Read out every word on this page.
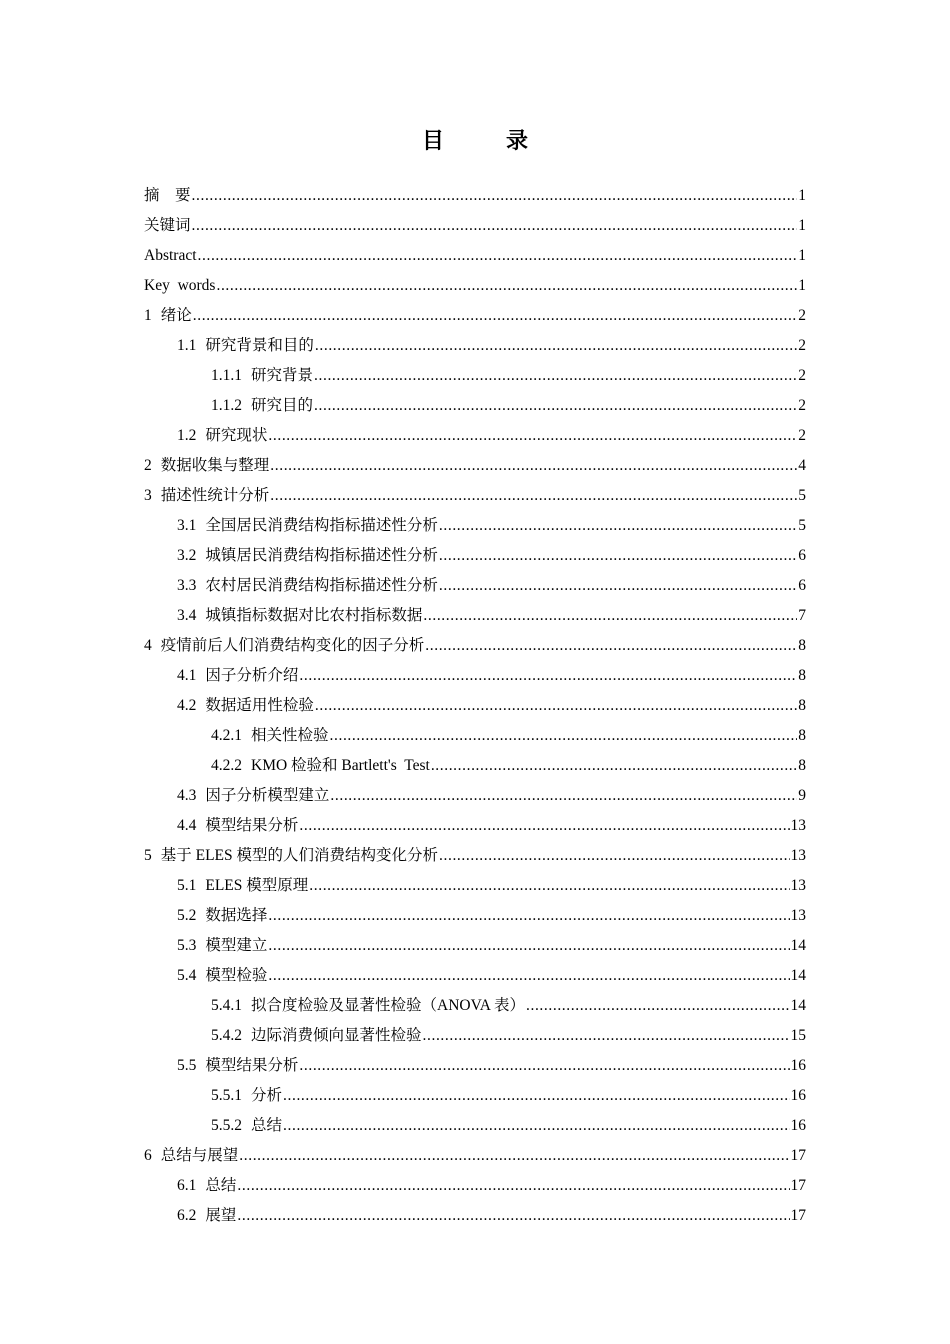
目　录
摘　要 .....	1
关键词 .....	1
Abstract .....	1
Key  words .....	1
1 绪论 .....	2
1.1 研究背景和目的 .....	2
1.1.1 研究背景 .....	2
1.1.2 研究目的 .....	2
1.2 研究现状 .....	2
2 数据收集与整理 .....	4
3 描述性统计分析 .....	5
3.1 全国居民消费结构指标描述性分析 .....	5
3.2 城镇居民消费结构指标描述性分析 .....	6
3.3 农村居民消费结构指标描述性分析 .....	6
3.4 城镇指标数据对比农村指标数据 .....	7
4 疫情前后人们消费结构变化的因子分析 .....	8
4.1 因子分析介绍 .....	8
4.2 数据适用性检验 .....	8
4.2.1 相关性检验 .....	8
4.2.2 KMO 检验和 Bartlett's  Test .....	8
4.3 因子分析模型建立 .....	9
4.4 模型结果分析 .....	13
5 基于 ELES 模型的人们消费结构变化分析 .....	13
5.1 ELES 模型原理 .....	13
5.2 数据选择 .....	13
5.3 模型建立 .....	14
5.4 模型检验 .....	14
5.4.1 拟合度检验及显著性检验（ANOVA 表） .....	14
5.4.2 边际消费倾向显著性检验 .....	15
5.5 模型结果分析 .....	16
5.5.1 分析 .....	16
5.5.2 总结 .....	16
6 总结与展望 .....	17
6.1 总结 .....	17
6.2 展望 .....	17
